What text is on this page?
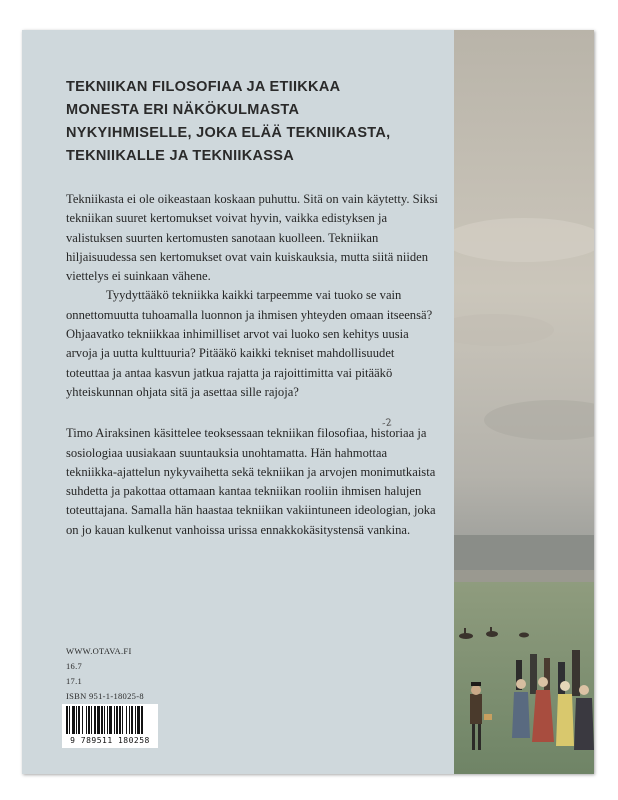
TEKNIIKAN FILOSOFIAA JA ETIIKKAA
MONESTA ERI NÄKÖKULMASTA
NYKYIHMISELLE, JOKA ELÄÄ TEKNIIKASTA,
TEKNIIKALLE JA TEKNIIKASSA

Tekniikasta ei ole oikeastaan koskaan puhuttu. Sitä on vain käytetty. Siksi tekniikan suuret kertomukset voivat hyvin, vaikka edistyksen ja valistuksen suurten kertomusten sanotaan kuolleen. Tekniikan hiljaisuudessa sen kertomukset ovat vain kuiskauksia, mutta siitä niiden viettelys ei suinkaan vähene.

Tyydyttääkö tekniikka kaikki tarpeemme vai tuoko se vain onnettomuutta tuhoamalla luonnon ja ihmisen yhteyden omaan itseensä? Ohjaavatko tekniikkaa inhimilliset arvot vai luoko sen kehitys uusia arvoja ja uutta kulttuuria? Pitääkö kaikki tekniset mahdollisuudet toteuttaa ja antaa kasvun jatkua rajatta ja rajoittimitta vai pitääkö yhteiskunnan ohjata sitä ja asettaa sille rajoja?

Timo Airaksinen käsittelee teoksessaan tekniikan filosofiaa, historiaa ja sosiologiaa uusiakaan suuntauksia unohtamatta. Hän hahmottaa tekniikka-ajattelun nykyvaihetta sekä tekniikan ja arvojen monimutkaista suhdetta ja pakottaa ottamaan kantaa tekniikan rooliin ihmisen halujen toteuttajana. Samalla hän haastaa tekniikan vakiintuneen ideologian, joka on jo kauan kulkenut vanhoissa urissa ennakkokäsitystensä vankina.

-2
WWW.OTAVA.FI
16.7
17.1
ISBN 951-1-18025-8
9 789511 180258
